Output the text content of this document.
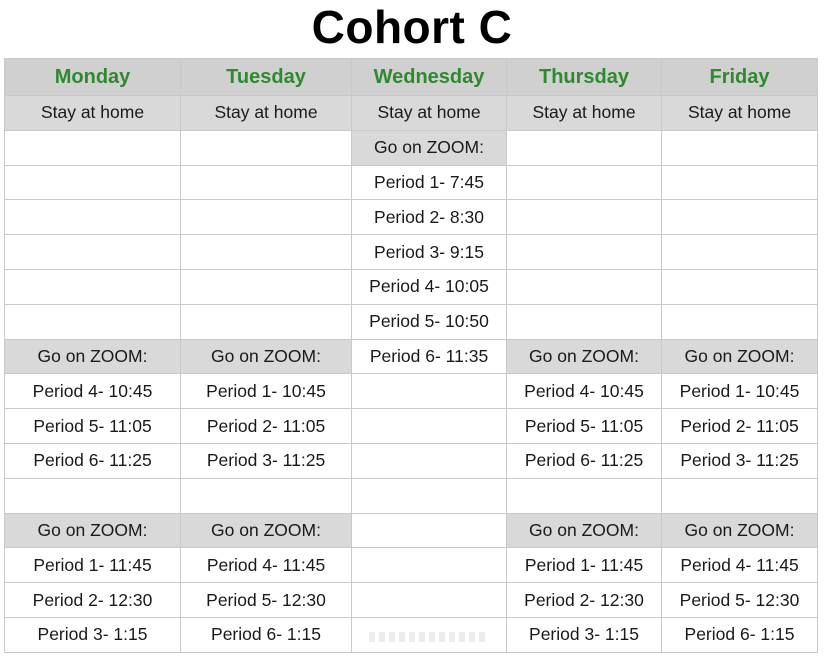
Cohort C
Monday	Tuesday	Wednesday	Thursday	Friday
Stay at home	Stay at home	Stay at home	Stay at home	Stay at home
		Go on ZOOM:		
		Period 1- 7:45		
		Period 2- 8:30		
		Period 3- 9:15		
		Period 4- 10:05		
		Period 5- 10:50		
Go on ZOOM:	Go on ZOOM:	Period 6- 11:35	Go on ZOOM:	Go on ZOOM:
Period 4- 10:45	Period 1- 10:45		Period 4- 10:45	Period 1- 10:45
Period 5- 11:05	Period 2- 11:05		Period 5- 11:05	Period 2- 11:05
Period 6- 11:25	Period 3- 11:25		Period 6- 11:25	Period 3- 11:25

Go on ZOOM:	Go on ZOOM:		Go on ZOOM:	Go on ZOOM:
Period 1- 11:45	Period 4- 11:45		Period 1- 11:45	Period 4- 11:45
Period 2- 12:30	Period 5- 12:30		Period 2- 12:30	Period 5- 12:30
Period 3- 1:15	Period 6- 1:15		Period 3- 1:15	Period 6- 1:15
